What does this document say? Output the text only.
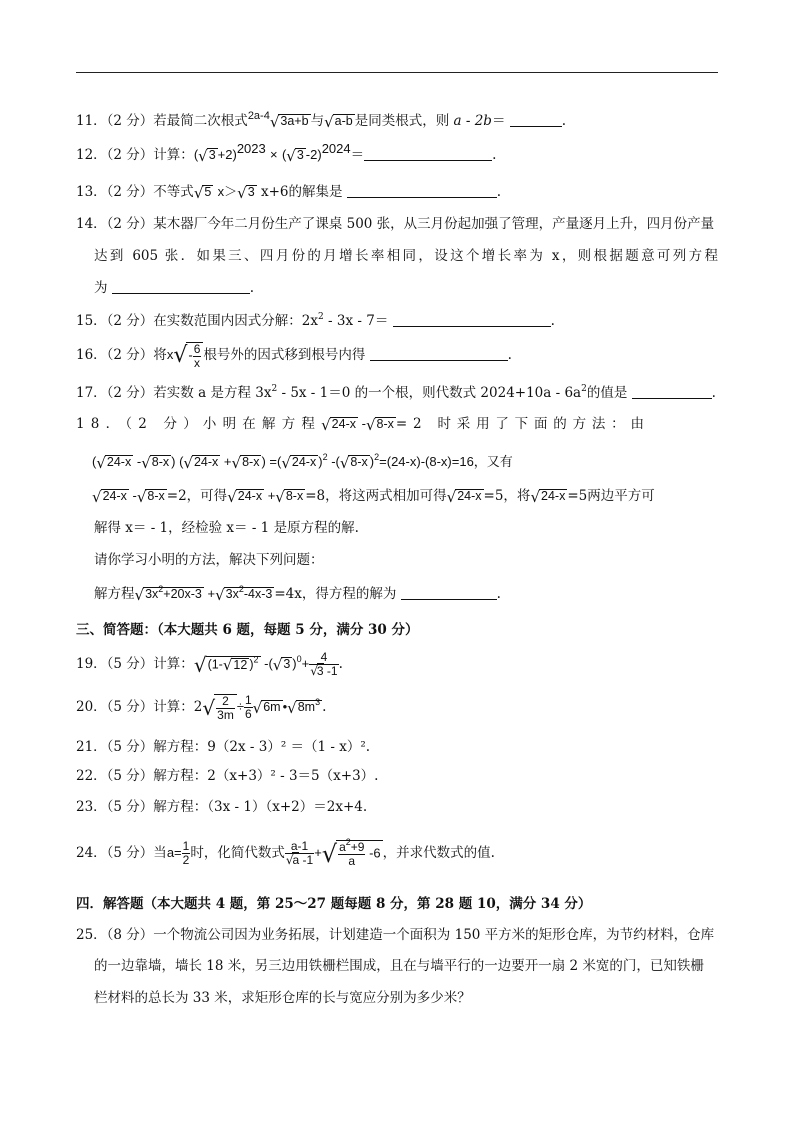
11．（2 分）若最简二次根式$^{2a-4}$√3a+b 与√a-b 是同类根式，则 a - 2b＝	.
12．（2 分）计算：$(√3 +2)^{2023} \times (√3$ -2)$^{2024}$＝	.
13．（2 分）不等式√5 x＞√3 x+6的解集是	.
14．（2 分）某木器厂今年二月份生产了课桌 500 张，从三月份起加强了管理，产量逐月上升，四月份产量
达到 605 张．如果三、四月份的月增长率相同，设这个增长率为 x，则根据题意可列方程
为	.
15．（2 分）在实数范围内因式分解：$2x^2 - 3x - 7=$	.
16．（2 分）将$x√- \frac{6}{x}$ 根号外的因式移到根号内得	.
17．（2 分）若实数 a 是方程 $3x^2 - 5x - 1=0$ 的一个根，则代数式 $2024+10a - 6a^2$的值是	.
18．（2 分）小明在解方程√24-x -√8-x =2 时采用了下面的方法：由
(√24-x -√8-x ) (√24-x +√8-x ) =(√24-x )$^2$ -(√8-x )$^2$=(24-x)-(8-x)=16，又有
√24-x -√8-x =2，可得√24-x +√8-x =8，将这两式相加可得√24-x =5，将√24-x =5两边平方可
解得 x＝ - 1，经检验 x＝ - 1 是原方程的解.
请你学习小明的方法，解决下列问题：
解方程$√3x^2+20x-3 +√3x^2-4x-3 =4x$，得方程的解为	.
三、简答题：（本大题共 6 题，每题 5 分，满分 30 分）
19．（5 分）计算：√(1-√12 )$^2$ -(√3 )$^0+ \frac{4}{√3 -1}$ .
20．（5 分）计算：$2√ \frac{2}{3m} \div \frac{1}{6} √6m$ $•√8m^3$ .
21．（5 分）解方程：9（2x - 3）² ＝（1 - x）².
22．（5 分）解方程：2（x+3）² - 3＝5（x+3）.
23．（5 分）解方程：（3x - 1）（x+2）＝2x+4.
24．（5 分）当$a= \frac{1}{2}$ 时，化简代数式 $\frac{a-1}{√a -1}$ +√ $\frac{a^2+9}{a} -6$ ，并求代数式的值.
四．解答题（本大题共 4 题，第 25～27 题每题 8 分，第 28 题 10，满分 34 分）
25．（8 分）一个物流公司因为业务拓展，计划建造一个面积为 150 平方米的矩形仓库，为节约材料，仓库
的一边靠墙，墙长 18 米，另三边用铁栅栏围成，且在与墙平行的一边要开一扇 2 米宽的门，已知铁栅
栏材料的总长为 33 米，求矩形仓库的长与宽应分别为多少米？
